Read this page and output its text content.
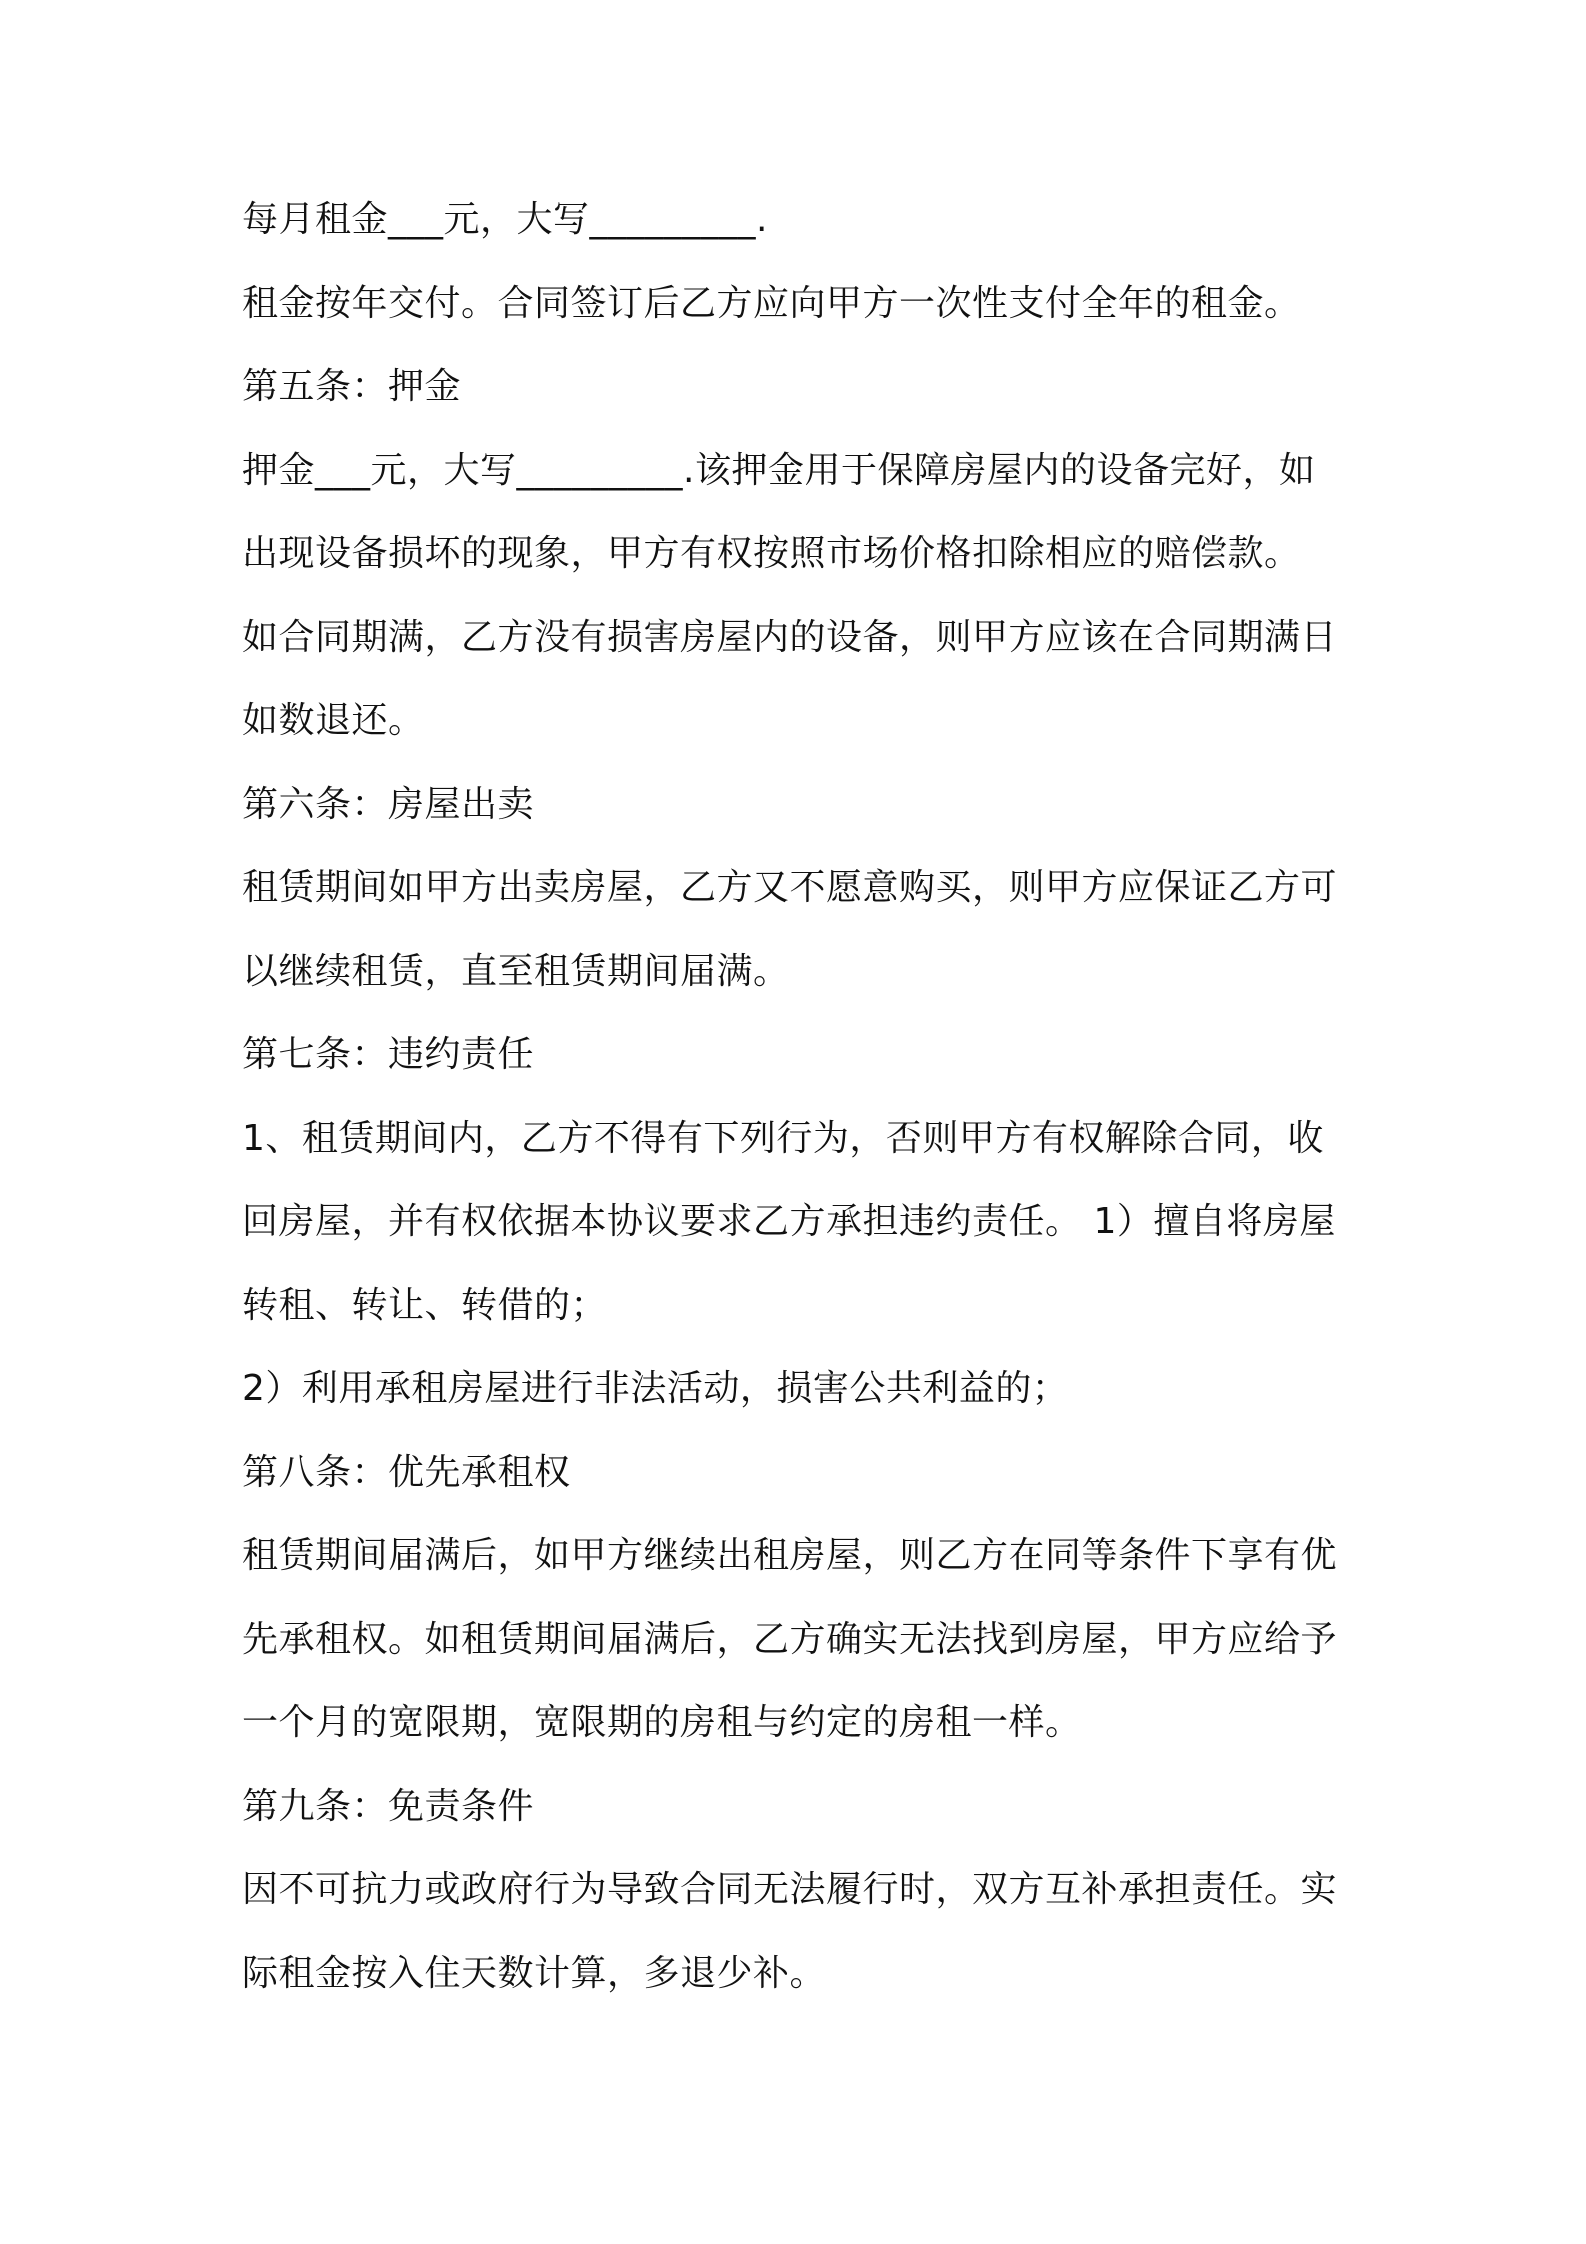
每月租金___元，大写_________.
租金按年交付。合同签订后乙方应向甲方一次性支付全年的租金。
第五条：押金
押金___元，大写_________.该押金用于保障房屋内的设备完好，如
出现设备损坏的现象，甲方有权按照市场价格扣除相应的赔偿款。
如合同期满，乙方没有损害房屋内的设备，则甲方应该在合同期满日
如数退还。
第六条：房屋出卖
租赁期间如甲方出卖房屋，乙方又不愿意购买，则甲方应保证乙方可
以继续租赁，直至租赁期间届满。
第七条：违约责任
1、租赁期间内，乙方不得有下列行为，否则甲方有权解除合同，收
回房屋，并有权依据本协议要求乙方承担违约责任。 1）擅自将房屋
转租、转让、转借的；
2）利用承租房屋进行非法活动，损害公共利益的；
第八条：优先承租权
租赁期间届满后，如甲方继续出租房屋，则乙方在同等条件下享有优
先承租权。如租赁期间届满后，乙方确实无法找到房屋，甲方应给予
一个月的宽限期，宽限期的房租与约定的房租一样。
第九条：免责条件
因不可抗力或政府行为导致合同无法履行时，双方互补承担责任。实
际租金按入住天数计算，多退少补。
